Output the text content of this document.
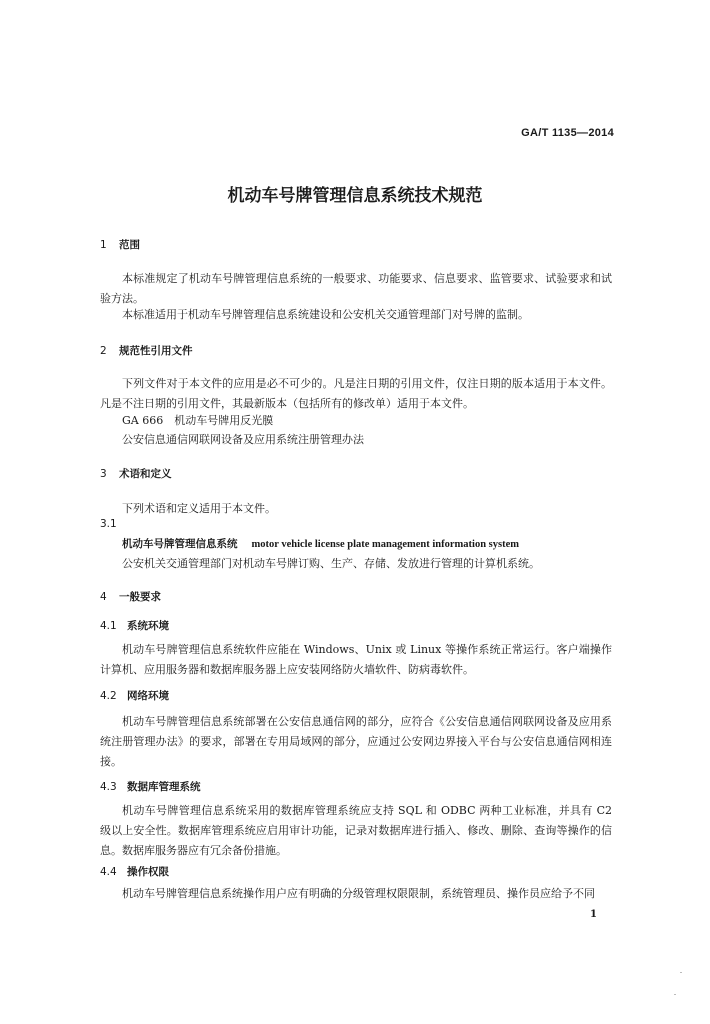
GA/T 1135—2014
机动车号牌管理信息系统技术规范
1 范围
本标准规定了机动车号牌管理信息系统的一般要求、功能要求、信息要求、监管要求、试验要求和试验方法。
本标准适用于机动车号牌管理信息系统建设和公安机关交通管理部门对号牌的监制。
2 规范性引用文件
下列文件对于本文件的应用是必不可少的。凡是注日期的引用文件，仅注日期的版本适用于本文件。凡是不注日期的引用文件，其最新版本（包括所有的修改单）适用于本文件。
GA 666　机动车号牌用反光膜
公安信息通信网联网设备及应用系统注册管理办法
3 术语和定义
下列术语和定义适用于本文件。
3.1
机动车号牌管理信息系统 motor vehicle license plate management information system
公安机关交通管理部门对机动车号牌订购、生产、存储、发放进行管理的计算机系统。
4 一般要求
4.1 系统环境
机动车号牌管理信息系统软件应能在 Windows、Unix 或 Linux 等操作系统正常运行。客户端操作计算机、应用服务器和数据库服务器上应安装网络防火墙软件、防病毒软件。
4.2 网络环境
机动车号牌管理信息系统部署在公安信息通信网的部分，应符合《公安信息通信网联网设备及应用系统注册管理办法》的要求，部署在专用局域网的部分，应通过公安网边界接入平台与公安信息通信网相连接。
4.3 数据库管理系统
机动车号牌管理信息系统采用的数据库管理系统应支持 SQL 和 ODBC 两种工业标准，并具有 C2 级以上安全性。数据库管理系统应启用审计功能，记录对数据库进行插入、修改、删除、查询等操作的信息。数据库服务器应有冗余备份措施。
4.4 操作权限
机动车号牌管理信息系统操作用户应有明确的分级管理权限限制，系统管理员、操作员应给予不同
1
